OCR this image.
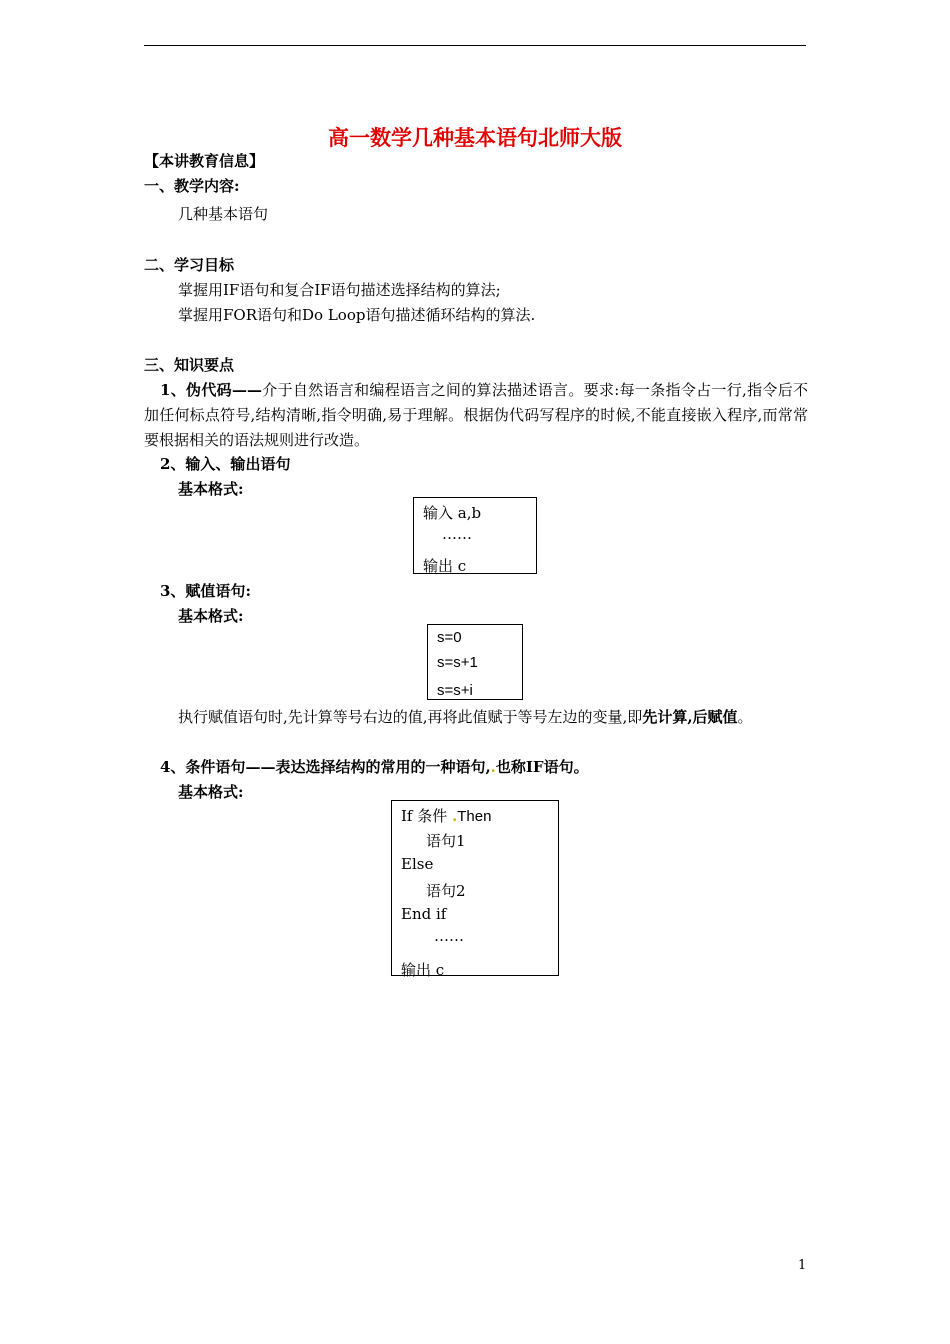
高一数学几种基本语句北师大版
【本讲教育信息】
一、教学内容:
几种基本语句
二、学习目标
掌握用IF语句和复合IF语句描述选择结构的算法;
掌握用FOR语句和Do Loop语句描述循环结构的算法.
三、知识要点
1、伪代码——介于自然语言和编程语言之间的算法描述语言。要求:每一条指令占一行,指令后不加任何标点符号,结构清晰,指令明确,易于理解。根据伪代码写程序的时候,不能直接嵌入程序,而常常要根据相关的语法规则进行改造。
2、输入、输出语句
基本格式:
输入 a,b
……
输出 c
3、赋值语句:
基本格式:
s=0
s=s+1
s=s+i
执行赋值语句时,先计算等号右边的值,再将此值赋于等号左边的变量,即先计算,后赋值。
4、条件语句——表达选择结构的常用的一种语句,.也称IF语句。
基本格式:
If 条件 .Then
语句1
Else
语句2
End if
……
输出 c
1
